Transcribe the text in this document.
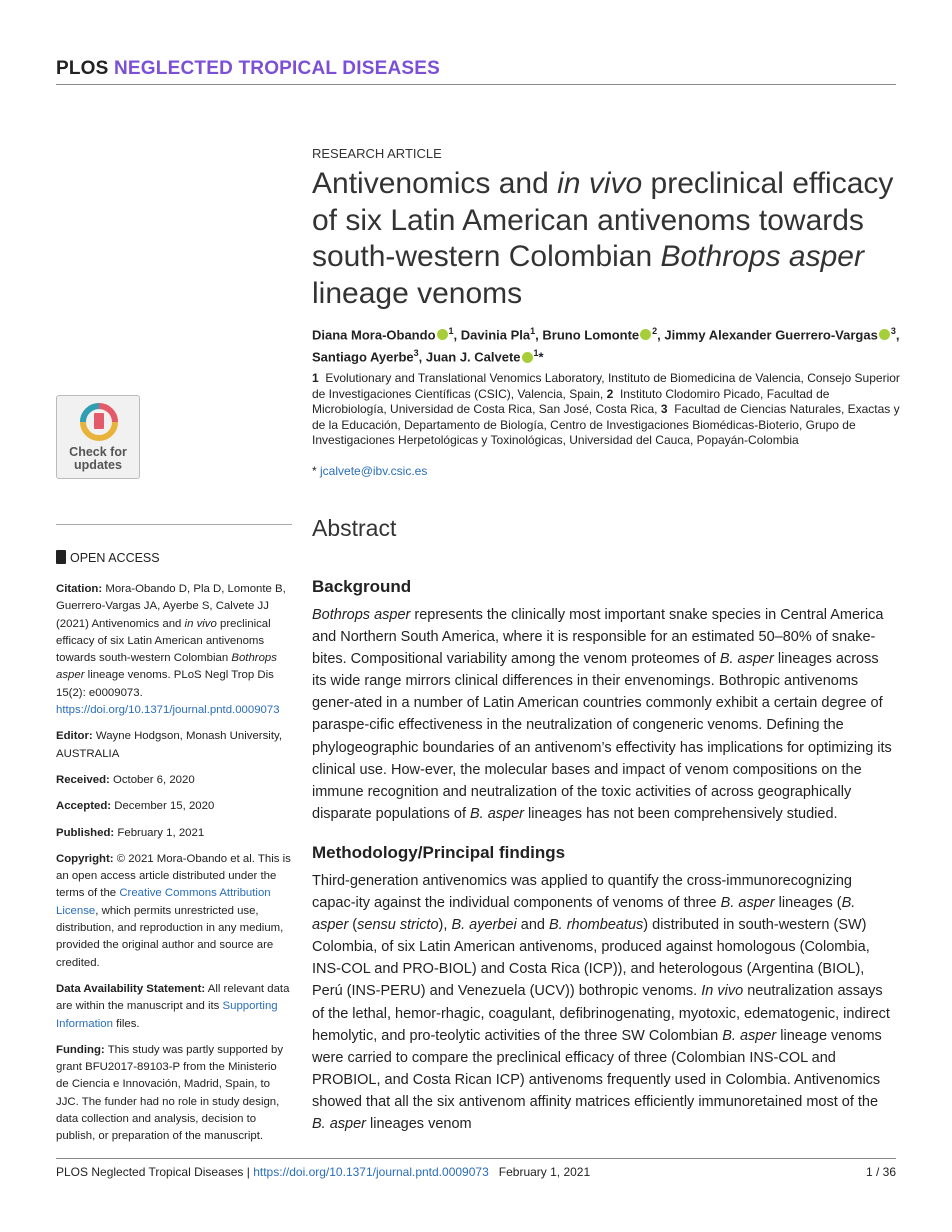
PLOS NEGLECTED TROPICAL DISEASES
Check for
updates
RESEARCH ARTICLE
Antivenomics and in vivo preclinical efficacy of six Latin American antivenoms towards south-western Colombian Bothrops asper lineage venoms
Diana Mora-Obando $^1$, Davinia Pla$^1$, Bruno Lomonte $^2$, Jimmy Alexander Guerrero-Vargas $^3$, Santiago Ayerbe$^3$, Juan J. Calvete $^1$*
1 Evolutionary and Translational Venomics Laboratory, Instituto de Biomedicina de Valencia, Consejo Superior de Investigaciones Científicas (CSIC), Valencia, Spain, 2 Instituto Clodomiro Picado, Facultad de Microbiología, Universidad de Costa Rica, San José, Costa Rica, 3 Facultad de Ciencias Naturales, Exactas y de la Educación, Departamento de Biología, Centro de Investigaciones Biomédicas-Bioterio, Grupo de Investigaciones Herpetológicas y Toxinológicas, Universidad del Cauca, Popayán-Colombia
* jcalvete@ibv.csic.es
OPEN ACCESS

Citation: Mora-Obando D, Pla D, Lomonte B, Guerrero-Vargas JA, Ayerbe S, Calvete JJ (2021) Antivenomics and in vivo preclinical efficacy of six Latin American antivenoms towards south-western Colombian Bothrops asper lineage venoms. PLoS Negl Trop Dis 15(2): e0009073. https://doi.org/10.1371/journal.pntd.0009073

Editor: Wayne Hodgson, Monash University, AUSTRALIA

Received: October 6, 2020

Accepted: December 15, 2020

Published: February 1, 2021

Copyright: © 2021 Mora-Obando et al. This is an open access article distributed under the terms of the Creative Commons Attribution License, which permits unrestricted use, distribution, and reproduction in any medium, provided the original author and source are credited.

Data Availability Statement: All relevant data are within the manuscript and its Supporting Information files.

Funding: This study was partly supported by grant BFU2017-89103-P from the Ministerio de Ciencia e Innovación, Madrid, Spain, to JJC. The funder had no role in study design, data collection and analysis, decision to publish, or preparation of the manuscript.

Abstract
Background

Bothrops asper represents the clinically most important snake species in Central America and Northern South America, where it is responsible for an estimated 50–80% of snake-bites. Compositional variability among the venom proteomes of B. asper lineages across its wide range mirrors clinical differences in their envenomings. Bothropic antivenoms gener-ated in a number of Latin American countries commonly exhibit a certain degree of paraspe-cific effectiveness in the neutralization of congeneric venoms. Defining the phylogeographic boundaries of an antivenom’s effectivity has implications for optimizing its clinical use. How-ever, the molecular bases and impact of venom compositions on the immune recognition and neutralization of the toxic activities of across geographically disparate populations of B. asper lineages has not been comprehensively studied.

Methodology/Principal findings

Third-generation antivenomics was applied to quantify the cross-immunorecognizing capac-ity against the individual components of venoms of three B. asper lineages (B. asper (sensu stricto), B. ayerbei and B. rhombeatus) distributed in south-western (SW) Colombia, of six Latin American antivenoms, produced against homologous (Colombia, INS-COL and PRO-BIOL) and Costa Rica (ICP)), and heterologous (Argentina (BIOL), Perú (INS-PERU) and Venezuela (UCV)) bothropic venoms. In vivo neutralization assays of the lethal, hemor-rhagic, coagulant, defibrinogenating, myotoxic, edematogenic, indirect hemolytic, and pro-teolytic activities of the three SW Colombian B. asper lineage venoms were carried to compare the preclinical efficacy of three (Colombian INS-COL and PROBIOL, and Costa Rican ICP) antivenoms frequently used in Colombia. Antivenomics showed that all the six antivenom affinity matrices efficiently immunoretained most of the B. asper lineages venom

PLOS Neglected Tropical Diseases | https://doi.org/10.1371/journal.pntd.0009073 February 1, 2021	1 / 36
